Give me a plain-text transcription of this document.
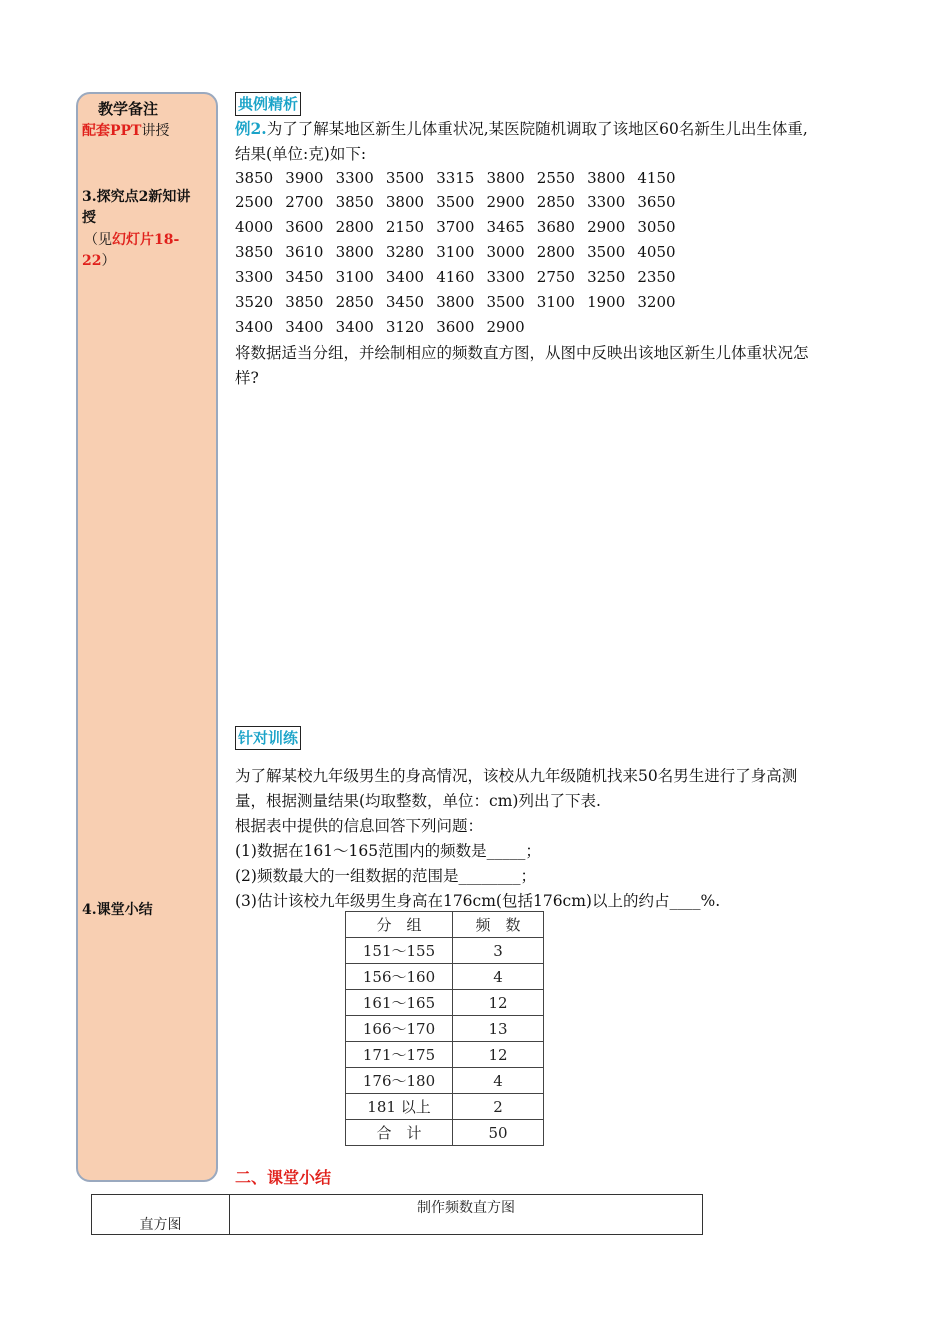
教学备注
配套PPT讲授
3.探究点2新知讲
授
（见幻灯片18-
22）
4.课堂小结
典例精析
例2.为了了解某地区新生儿体重状况,某医院随机调取了该地区60名新生儿出生体重,
结果(单位:克)如下:
3850 3900 3300 3500 3315 3800 2550 3800 4150
2500 2700 3850 3800 3500 2900 2850 3300 3650
4000 3600 2800 2150 3700 3465 3680 2900 3050
3850 3610 3800 3280 3100 3000 2800 3500 4050
3300 3450 3100 3400 4160 3300 2750 3250 2350
3520 3850 2850 3450 3800 3500 3100 1900 3200
3400 3400 3400 3120 3600 2900
将数据适当分组，并绘制相应的频数直方图，从图中反映出该地区新生儿体重状况怎
样?
针对训练
为了解某校九年级男生的身高情况，该校从九年级随机找来50名男生进行了身高测
量，根据测量结果(均取整数，单位：cm)列出了下表.
根据表中提供的信息回答下列问题：
(1)数据在161～165范围内的频数是_____；
(2)频数最大的一组数据的范围是________；
(3)估计该校九年级男生身高在176cm(包括176cm)以上的约占____%.
分　组	频　数
151～155	3
156～160	4
161～165	12
166～170	13
171～175	12
176～180	4
181 以上	2
合　计	50
二、课堂小结
直方图	制作频数直方图
